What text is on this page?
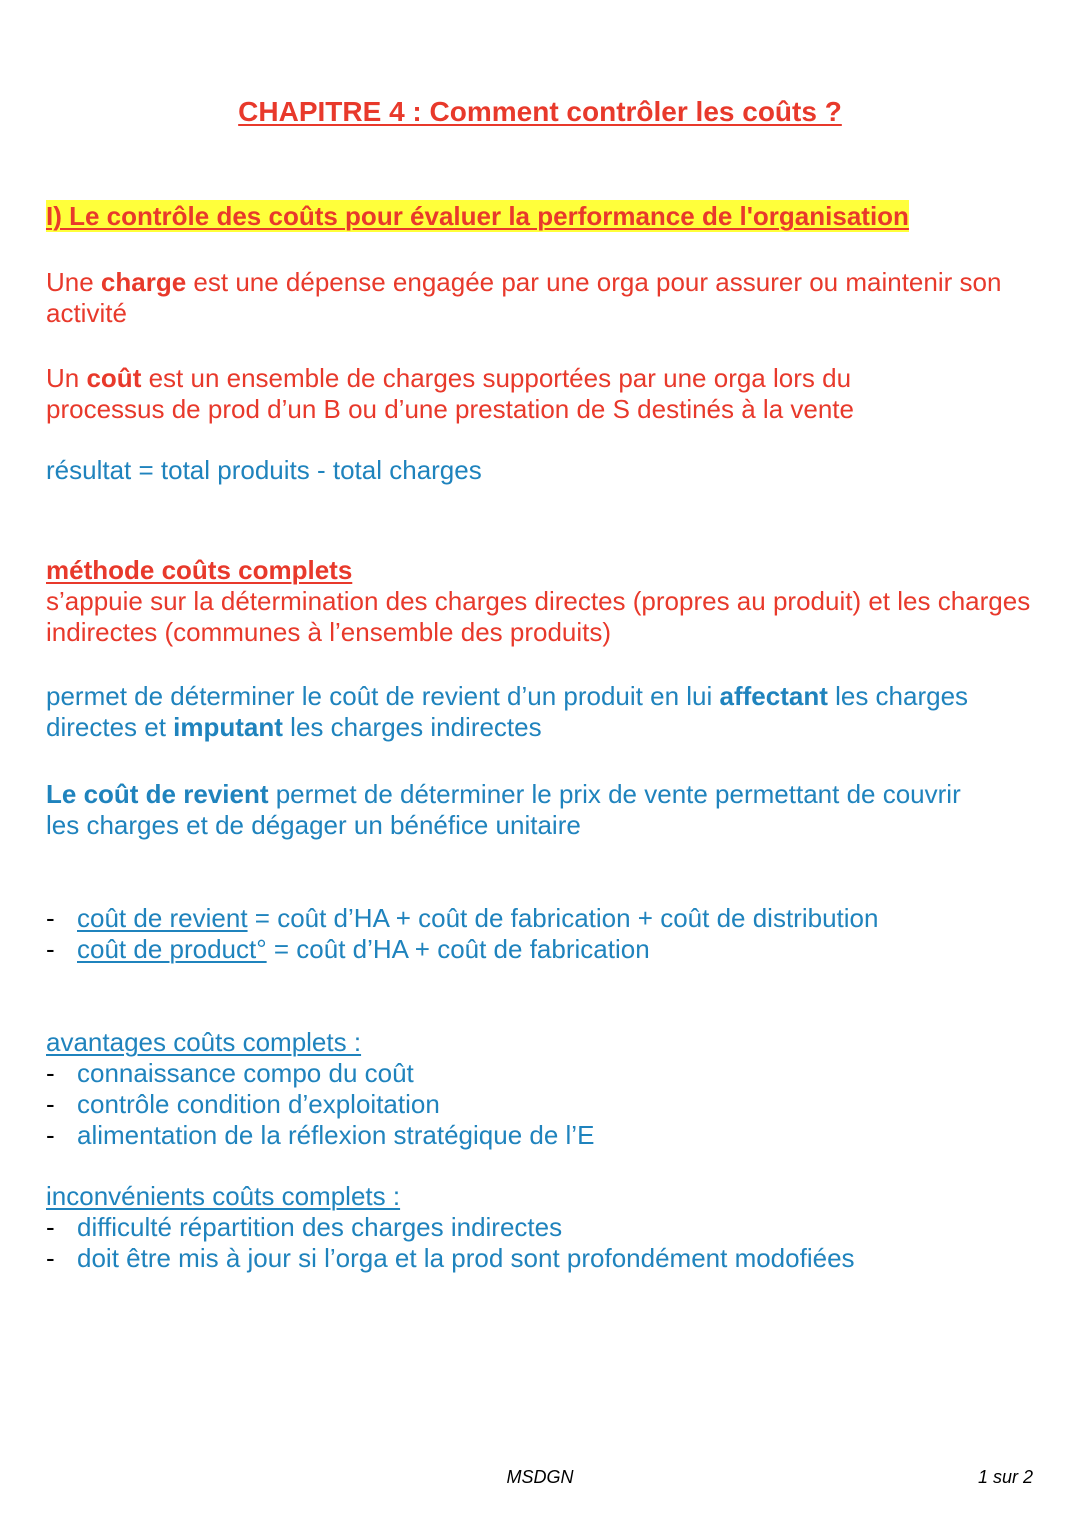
CHAPITRE 4 : Comment contrôler les coûts ?
I) Le contrôle des coûts pour évaluer la performance de l'organisation
Une charge est une dépense engagée par une orga pour assurer ou maintenir son activité
Un coût est un ensemble de charges supportées par une orga lors du processus de prod d’un B ou d’une prestation de S destinés à la vente
résultat = total produits - total charges
méthode coûts complets
s’appuie sur la détermination des charges directes (propres au produit) et les charges indirectes (communes à l’ensemble des produits)
permet de déterminer le coût de revient d’un produit en lui affectant les charges directes et imputant les charges indirectes
Le coût de revient permet de déterminer le prix de vente permettant de couvrir les charges et de dégager un bénéfice unitaire
- coût de revient = coût d’HA + coût de fabrication + coût de distribution
- coût de product° = coût d’HA + coût de fabrication
avantages coûts complets :
- connaissance compo du coût
- contrôle condition d’exploitation
- alimentation de la réflexion stratégique de l’E
inconvénients coûts complets :
- difficulté répartition des charges indirectes
- doit être mis à jour si l’orga et la prod sont profondément modofiées
MSDGN	1 sur 2
